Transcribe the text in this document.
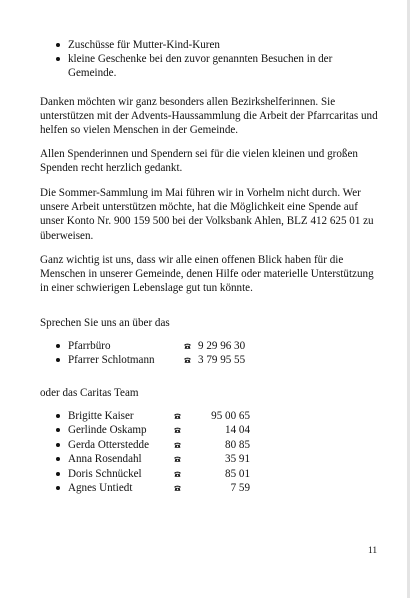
Zuschüsse für Mutter-Kind-Kuren
kleine Geschenke bei den zuvor genannten Besuchen in der Gemeinde.

Danken möchten wir ganz besonders allen Bezirkshelferinnen. Sie unterstützen mit der Advents-Haussammlung die Arbeit der Pfarrcaritas und helfen so vielen Menschen in der Gemeinde.

Allen Spenderinnen und Spendern sei für die vielen kleinen und großen Spenden recht herzlich gedankt.

Die Sommer-Sammlung im Mai führen wir in Vorhelm nicht durch. Wer unsere Arbeit unterstützen möchte, hat die Möglichkeit eine Spende auf unser Konto Nr. 900 159 500 bei der Volksbank Ahlen, BLZ 412 625 01 zu überweisen.

Ganz wichtig ist uns, dass wir alle einen offenen Blick haben für die Menschen in unserer Gemeinde, denen Hilfe oder materielle Unterstützung in einer schwierigen Lebenslage gut tun könnte.

Sprechen Sie uns an über das

Pfarrbüro	9 29 96 30
Pfarrer Schlotmann	3 79 95 55

oder das Caritas Team

Brigitte Kaiser	95 00 65
Gerlinde Oskamp	14 04
Gerda Otterstedde	80 85
Anna Rosendahl	35 91
Doris Schnückel	85 01
Agnes Untiedt	7 59
11
